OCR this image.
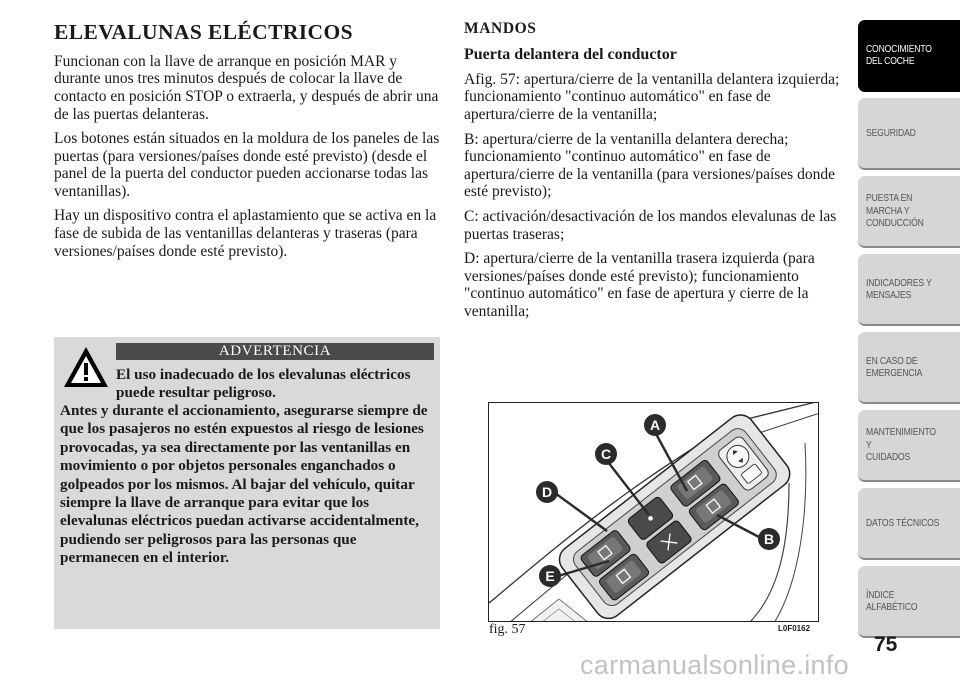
ELEVALUNAS ELÉCTRICOS

Funcionan con la llave de arranque en posición MAR y durante unos tres minutos después de colocar la llave de contacto en posición STOP o extraerla, y después de abrir una de las puertas delanteras.

Los botones están situados en la moldura de los paneles de las puertas (para versiones/países donde esté previsto) (desde el panel de la puerta del conductor pueden accionarse todas las ventanillas).

Hay un dispositivo contra el aplastamiento que se activa en la fase de subida de las ventanillas delanteras y traseras (para versiones/países donde esté previsto).

ADVERTENCIA
El uso inadecuado de los elevalunas eléctricos puede resultar peligroso.
Antes y durante el accionamiento, asegurarse siempre de que los pasajeros no estén expuestos al riesgo de lesiones provocadas, ya sea directamente por las ventanillas en movimiento o por objetos personales enganchados o golpeados por los mismos. Al bajar del vehículo, quitar siempre la llave de arranque para evitar que los elevalunas eléctricos puedan activarse accidentalmente, pudiendo ser peligrosos para las personas que permanecen en el interior.
MANDOS
Puerta delantera del conductor

Afig. 57: apertura/cierre de la ventanilla delantera izquierda; funcionamiento "continuo automático" en fase de apertura/cierre de la ventanilla;

B: apertura/cierre de la ventanilla delantera derecha; funcionamiento "continuo automático" en fase de apertura/cierre de la ventanilla (para versiones/países donde esté previsto);

C: activación/desactivación de los mandos elevalunas de las puertas traseras;

D: apertura/cierre de la ventanilla trasera izquierda (para versiones/países donde esté previsto); funcionamiento "continuo automático" en fase de apertura y cierre de la ventanilla;

A
B
C
D
E
fig. 57	L0F0162
CONOCIMIENTO
DEL COCHE
SEGURIDAD
PUESTA EN
MARCHA Y
CONDUCCIÓN
INDICADORES Y
MENSAJES
EN CASO DE
EMERGENCIA
MANTENIMIENTO Y
CUIDADOS
DATOS TÉCNICOS
ÍNDICE
ALFABÉTICO
75
carmanualsonline.info
